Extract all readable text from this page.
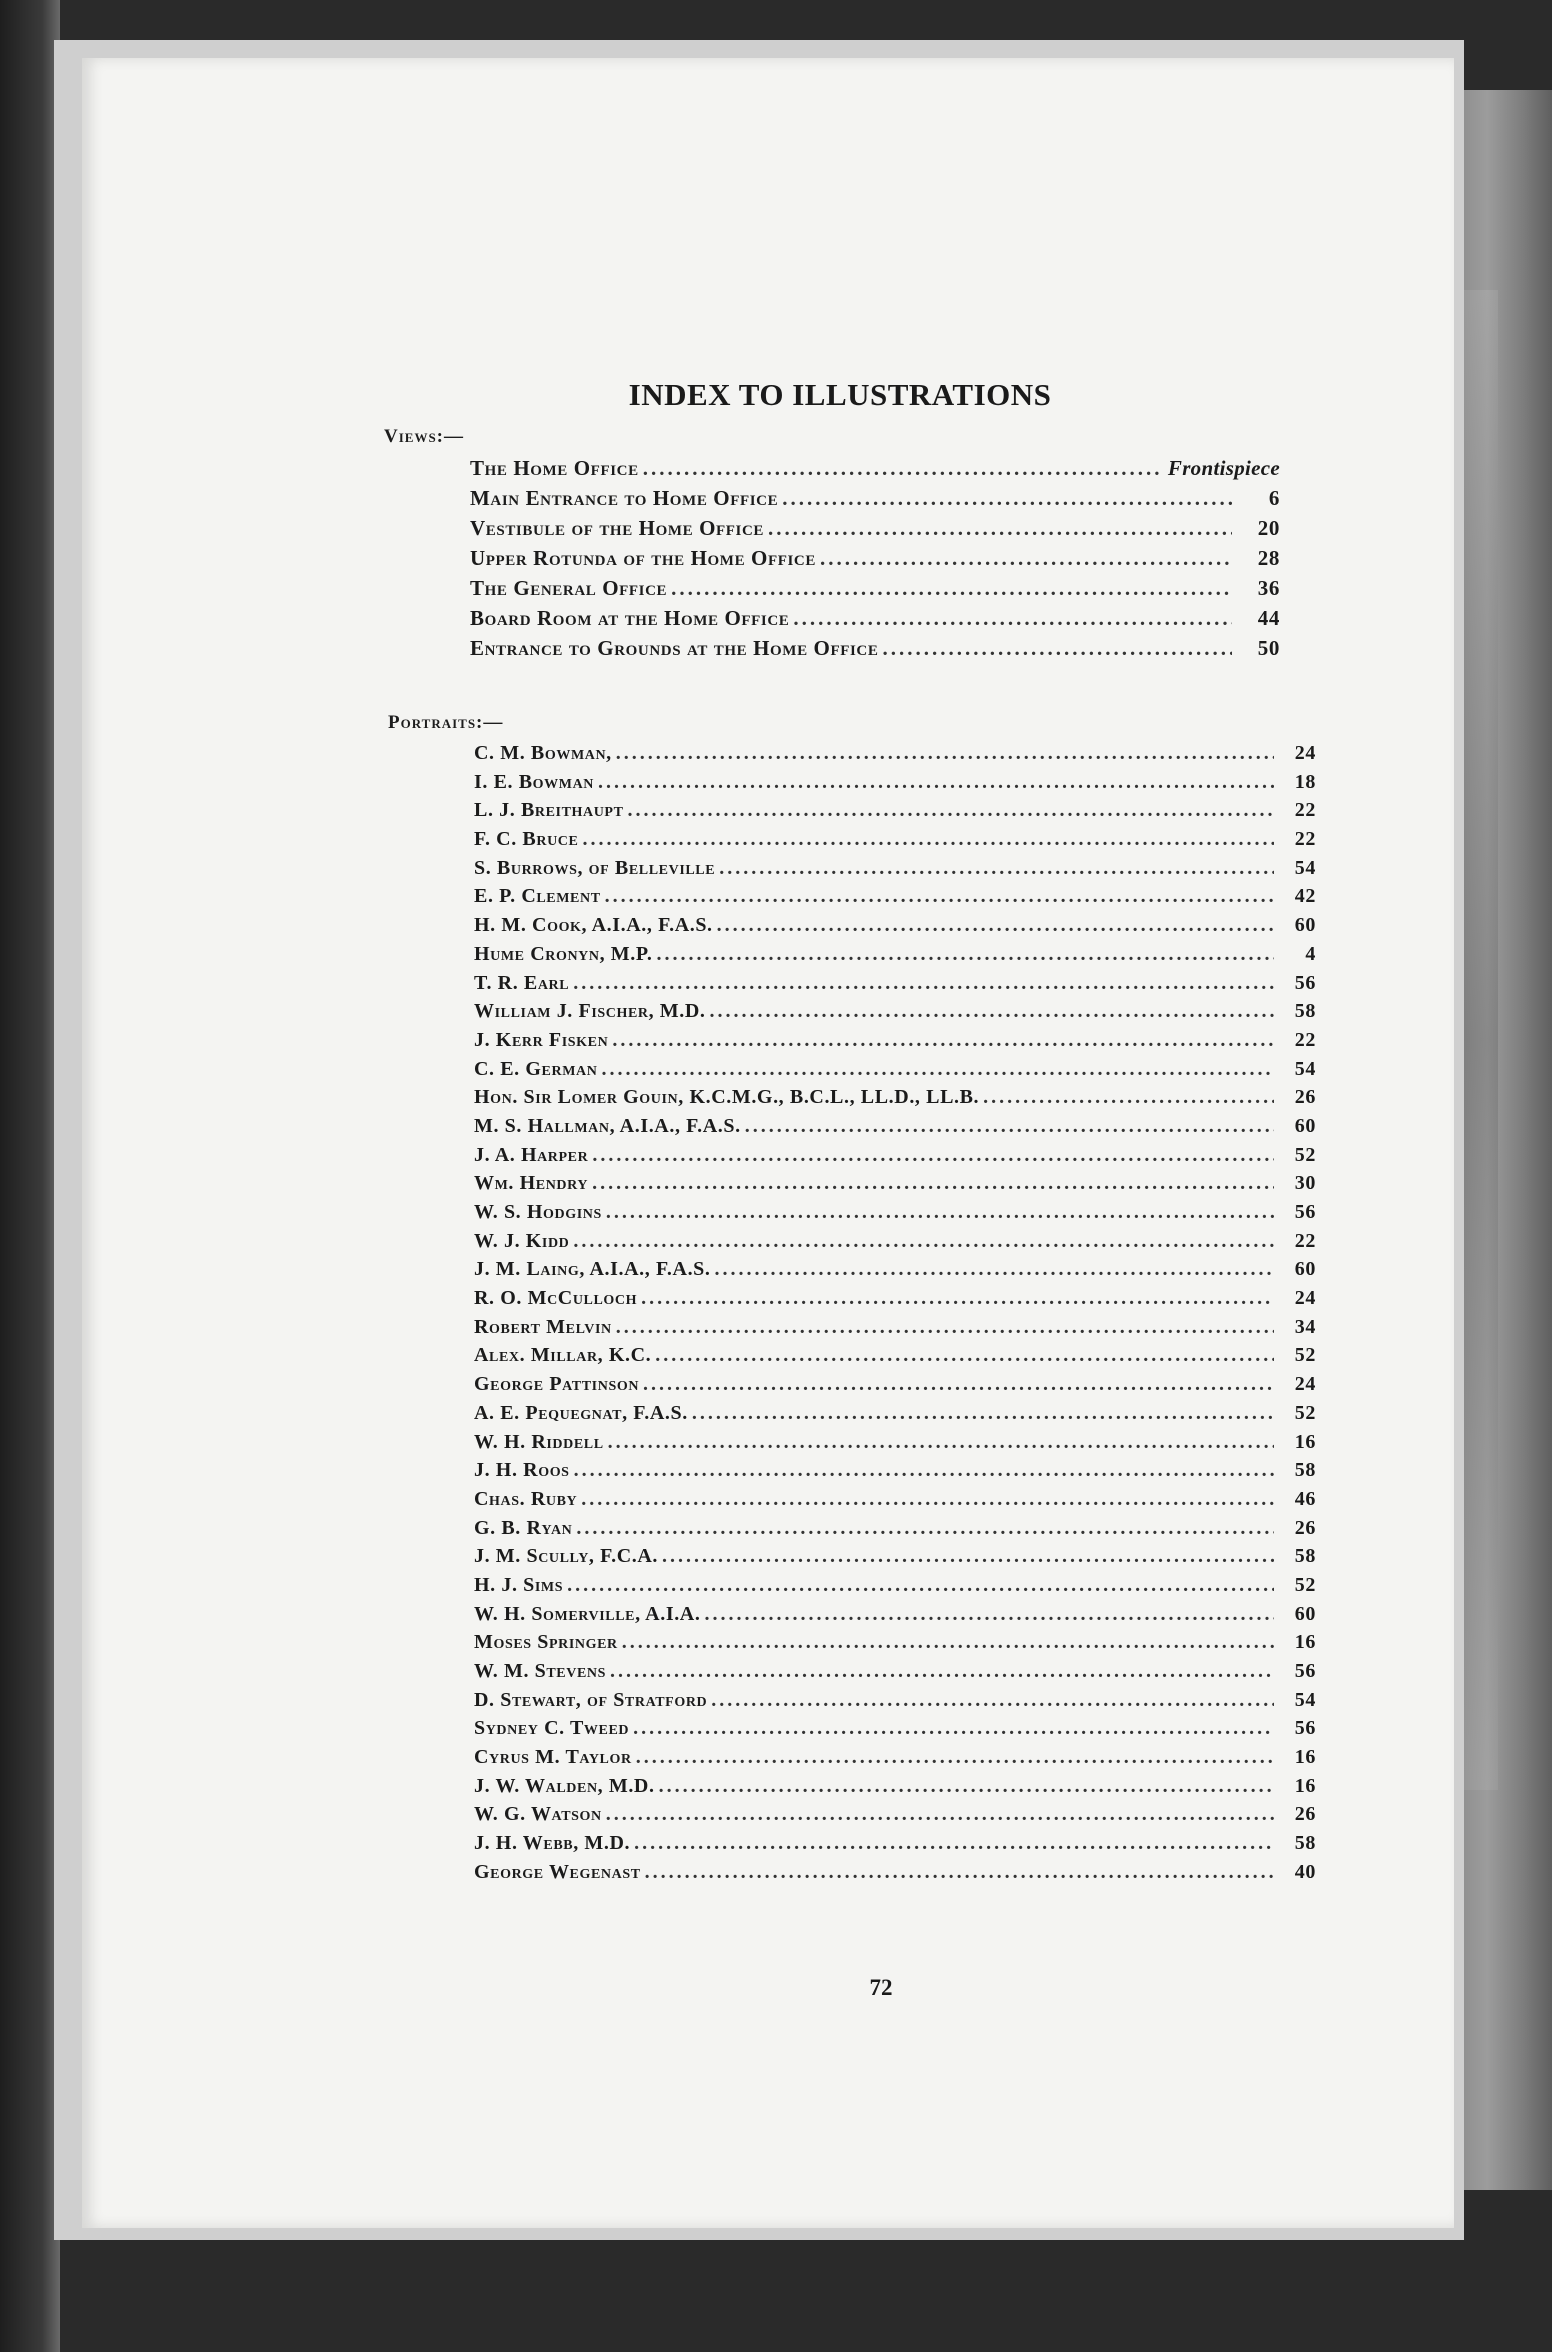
INDEX TO ILLUSTRATIONS
Views:—
The Home Office .....	Frontispiece
Main Entrance to Home Office .....	6
Vestibule of the Home Office .....	20
Upper Rotunda of the Home Office .....	28
The General Office .....	36
Board Room at the Home Office .....	44
Entrance to Grounds at the Home Office .....	50
Portraits:—
C. M. Bowman, .....	24
I. E. Bowman .....	18
L. J. Breithaupt .....	22
F. C. Bruce .....	22
S. Burrows, of Belleville .....	54
E. P. Clement .....	42
H. M. Cook, A.I.A., F.A.S. .....	60
Hume Cronyn, M.P. .....	4
T. R. Earl .....	56
William J. Fischer, M.D. .....	58
J. Kerr Fisken .....	22
C. E. German .....	54
Hon. Sir Lomer Gouin, K.C.M.G., B.C.L., LL.D., LL.B. .....	26
M. S. Hallman, A.I.A., F.A.S. .....	60
J. A. Harper .....	52
Wm. Hendry .....	30
W. S. Hodgins .....	56
W. J. Kidd .....	22
J. M. Laing, A.I.A., F.A.S. .....	60
R. O. McCulloch .....	24
Robert Melvin .....	34
Alex. Millar, K.C. .....	52
George Pattinson .....	24
A. E. Pequegnat, F.A.S. .....	52
W. H. Riddell .....	16
J. H. Roos .....	58
Chas. Ruby .....	46
G. B. Ryan .....	26
J. M. Scully, F.C.A. .....	58
H. J. Sims .....	52
W. H. Somerville, A.I.A. .....	60
Moses Springer .....	16
W. M. Stevens .....	56
D. Stewart, of Stratford .....	54
Sydney C. Tweed .....	56
Cyrus M. Taylor .....	16
J. W. Walden, M.D. .....	16
W. G. Watson .....	26
J. H. Webb, M.D. .....	58
George Wegenast .....	40
72
